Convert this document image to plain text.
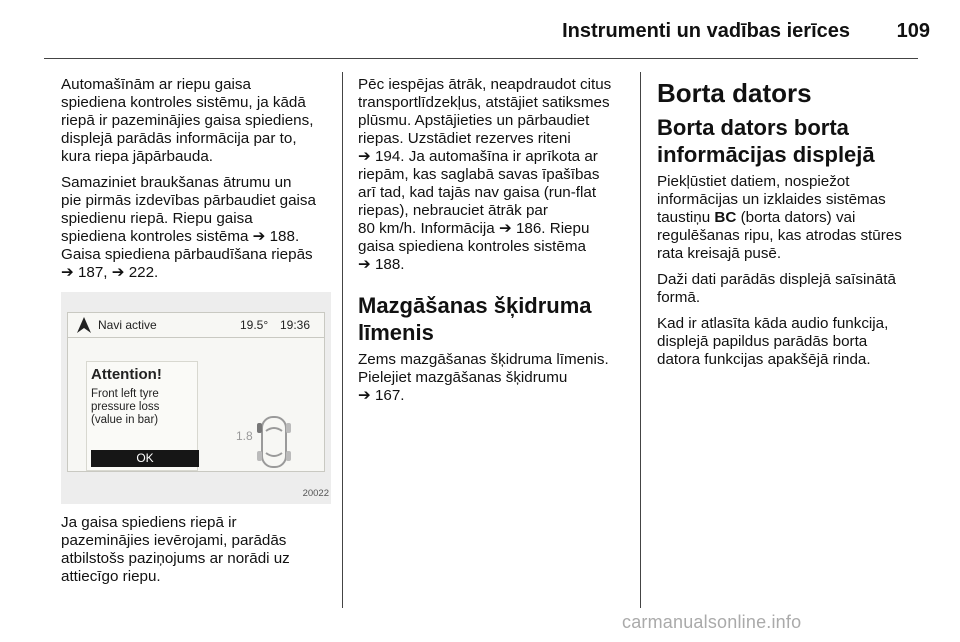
Instrumenti un vadības ierīces	109

Automašīnām ar riepu gaisa
spiediena kontroles sistēmu, ja kādā
riepā ir pazeminājies gaisa spiediens,
displejā parādās informācija par to,
kura riepa jāpārbauda.

Samaziniet braukšanas ātrumu un
pie pirmās izdevības pārbaudiet gaisa
spiedienu riepā. Riepu gaisa
spiediena kontroles sistēma ➔ 188.
Gaisa spiediena pārbaudīšana riepās
➔ 187, ➔ 222.

Navi active	19.5° 19:36
Attention!
Front left tyre
pressure loss
(value in bar)
OK
1.8
20022

Ja gaisa spiediens riepā ir
pazeminājies ievērojami, parādās
atbilstošs paziņojums ar norādi uz
attiecīgo riepu.

Pēc iespējas ātrāk, neapdraudot citus
transportlīdzekļus, atstājiet satiksmes
plūsmu. Apstājieties un pārbaudiet
riepas. Uzstādiet rezerves riteni
➔ 194. Ja automašīna ir aprīkota ar
riepām, kas saglabā savas īpašības
arī tad, kad tajās nav gaisa (run-flat
riepas), nebrauciet ātrāk par
80 km/h. Informācija ➔ 186. Riepu
gaisa spiediena kontroles sistēma
➔ 188.

Mazgāšanas šķidruma
līmenis

Zems mazgāšanas šķidruma līmenis.
Pielejiet mazgāšanas šķidrumu
➔ 167.

Borta dators
Borta dators borta
informācijas displejā

Piekļūstiet datiem, nospiežot
informācijas un izklaides sistēmas
taustiņu BC (borta dators) vai
regulēšanas ripu, kas atrodas stūres
rata kreisajā pusē.

Daži dati parādās displejā saīsinātā
formā.

Kad ir atlasīta kāda audio funkcija,
displejā papildus parādās borta
datora funkcijas apakšējā rinda.

carmanualsonline.info
